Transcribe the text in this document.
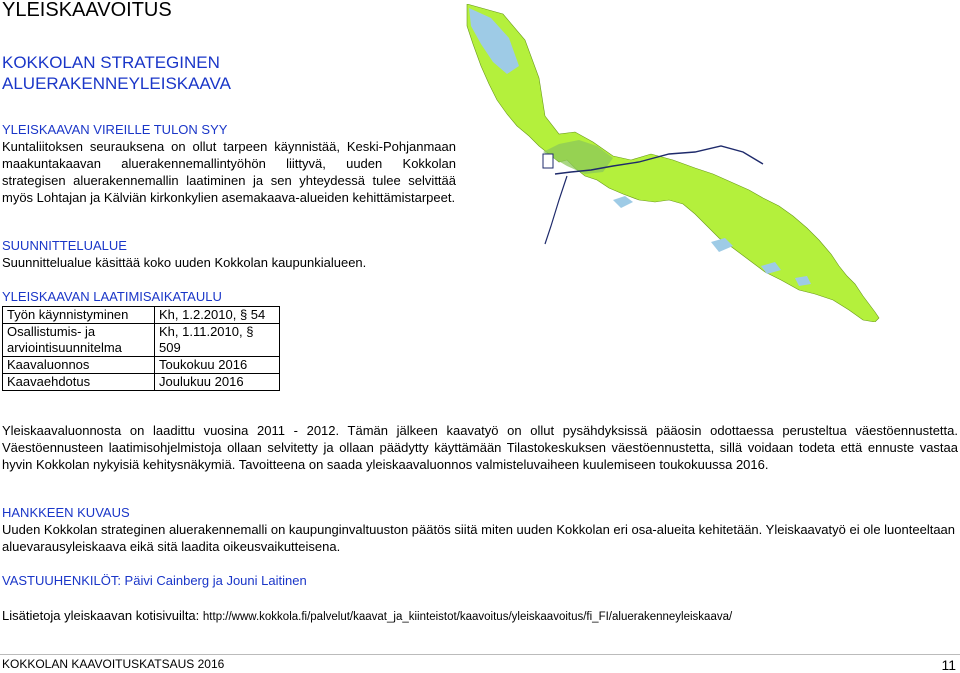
YLEISKAAVOITUS
KOKKOLAN STRATEGINEN ALUERAKENNEYLEISKAAVA
YLEISKAAVAN VIREILLE TULON SYY
Kuntaliitoksen seurauksena on ollut tarpeen käynnistää, Keski-Pohjanmaan maakuntakaavan aluerakennemallintyöhön liittyvä, uuden Kokkolan strategisen aluerakennemallin laatiminen ja sen yhteydessä tulee selvittää myös Lohtajan ja Kälviän kirkonkylien asemakaava-alueiden kehittämistarpeet.
SUUNNITTELUALUE
Suunnittelualue käsittää koko uuden Kokkolan kaupunkialueen.
YLEISKAAVAN LAATIMISAIKATAULU
Työn käynnistyminen	Kh, 1.2.2010, § 54
Osallistumis- ja arviointisuunnitelma	Kh, 1.11.2010, § 509
Kaavaluonnos	Toukokuu 2016
Kaavaehdotus	Joulukuu 2016
Yleiskaavaluonnosta on laadittu vuosina 2011 - 2012. Tämän jälkeen kaavatyö on ollut pysähdyksissä pääosin odottaessa perusteltua väestöennustetta. Väestöennusteen laatimisohjelmistoja ollaan selvitetty ja ollaan päädytty käyttämään Tilastokeskuksen väestöennustetta, sillä voidaan todeta että ennuste vastaa hyvin Kokkolan nykyisiä kehitysnäkymiä. Tavoitteena on saada yleiskaavaluonnos valmisteluvaiheen kuulemiseen toukokuussa 2016.
HANKKEEN KUVAUS
Uuden Kokkolan strateginen aluerakennemalli on kaupunginvaltuuston päätös siitä miten uuden Kokkolan eri osa-alueita kehitetään. Yleiskaavatyö ei ole luonteeltaan aluevarausyleiskaava eikä sitä laadita oikeusvaikutteisena.
VASTUUHENKILÖT: Päivi Cainberg ja Jouni Laitinen
Lisätietoja yleiskaavan kotisivuilta: http://www.kokkola.fi/palvelut/kaavat_ja_kiinteistot/kaavoitus/yleiskaavoitus/fi_FI/aluerakenneyleiskaava/
KOKKOLAN KAAVOITUSKATSAUS 2016	11
